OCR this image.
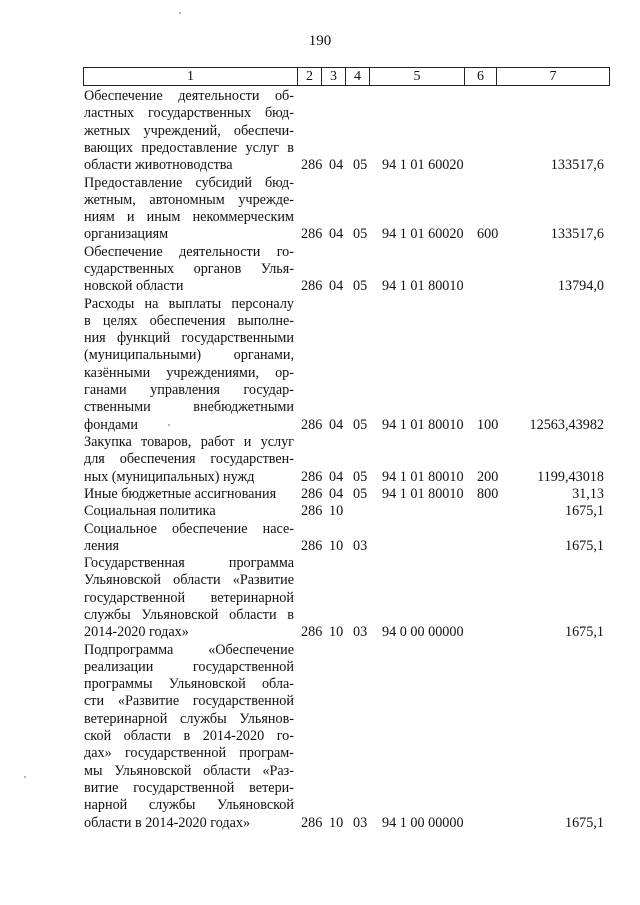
190
1	2	3	4	5	6	7
Обеспечение деятельности об-
ластных государственных бюд-
жетных учреждений, обеспечи-
вающих предоставление услуг в
области животноводства	286 04 05 94 1 01 60020	133517,6
Предоставление субсидий бюд-
жетным, автономным учрежде-
ниям и иным некоммерческим
организациям	286 04 05 94 1 01 60020 600	133517,6
Обеспечение деятельности го-
сударственных органов Улья-
новской области	286 04 05 94 1 01 80010	13794,0
Расходы на выплаты персоналу
в целях обеспечения выполне-
ния функций государственными
(муниципальными) органами,
казёнными учреждениями, ор-
ганами управления государ-
ственными внебюджетными
фондами	286 04 05 94 1 01 80010 100 12563,43982
Закупка товаров, работ и услуг
для обеспечения государствен-
ных (муниципальных) нужд	286 04 05 94 1 01 80010 200	1199,43018
Иные бюджетные ассигнования	286 04 05 94 1 01 80010 800	31,13
Социальная политика	286 10	1675,1
Социальное обеспечение насе-
ления	286 10 03	1675,1
Государственная программа
Ульяновской области «Развитие
государственной ветеринарной
службы Ульяновской области в
2014-2020 годах»	286 10 03 94 0 00 00000	1675,1
Подпрограмма «Обеспечение
реализации государственной
программы Ульяновской обла-
сти «Развитие государственной
ветеринарной службы Ульянов-
ской области в 2014-2020 го-
дах» государственной програм-
мы Ульяновской области «Раз-
витие государственной ветери-
нарной службы Ульяновской
области в 2014-2020 годах»	286 10 03 94 1 00 00000	1675,1
